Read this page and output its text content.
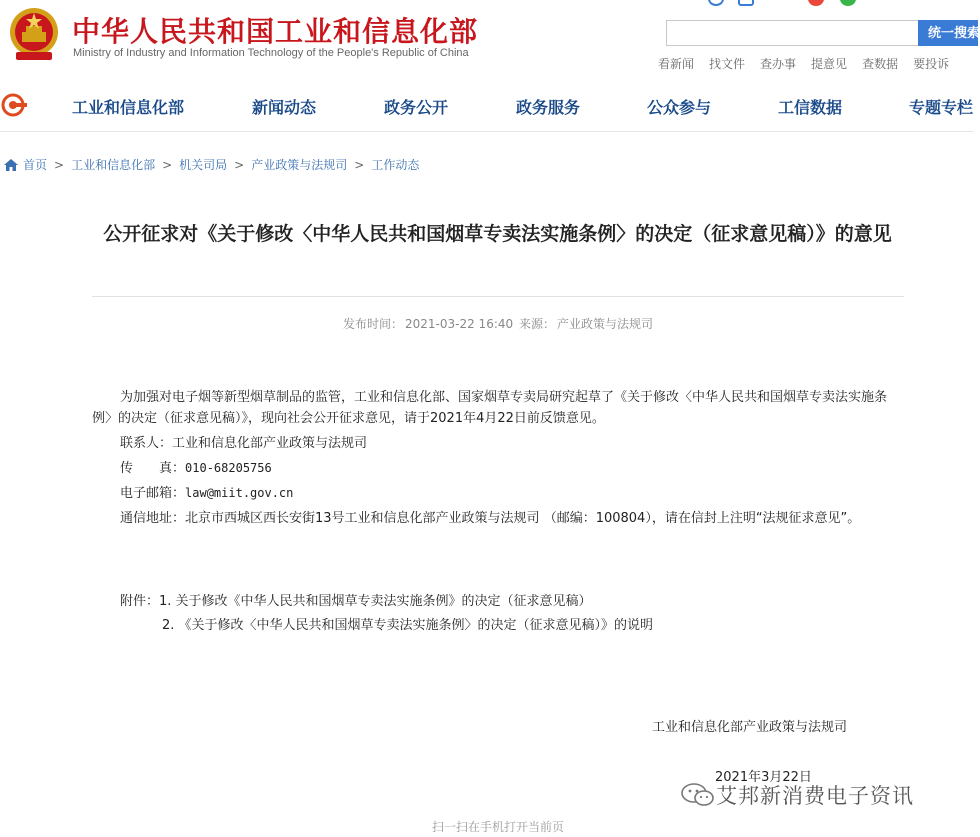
中华人民共和国工业和信息化部
Ministry of Industry and Information Technology of the People's Republic of China
统一搜索
看新闻 找文件 查办事 提意见 查数据 要投诉
工业和信息化部	新闻动态	政务公开	政务服务	公众参与	工信数据	专题专栏
首页 > 工业和信息化部 > 机关司局 > 产业政策与法规司 > 工作动态
公开征求对《关于修改〈中华人民共和国烟草专卖法实施条例〉的决定（征求意见稿）》的意见
发布时间： 2021-03-22 16:40 来源： 产业政策与法规司

为加强对电子烟等新型烟草制品的监管，工业和信息化部、国家烟草专卖局研究起草了《关于修改〈中华人民共和国烟草专卖法实施条例〉的决定（征求意见稿）》，现向社会公开征求意见，请于2021年4月22日前反馈意见。

联系人：工业和信息化部产业政策与法规司

传　　真：010-68205756

电子邮箱：law@miit.gov.cn

通信地址：北京市西城区西长安街13号工业和信息化部产业政策与法规司 （邮编：100804），请在信封上注明“法规征求意见”。

附件：1. 关于修改《中华人民共和国烟草专卖法实施条例》的决定（征求意见稿）
2. 《关于修改〈中华人民共和国烟草专卖法实施条例〉的决定（征求意见稿）》的说明
工业和信息化部产业政策与法规司
2021年3月22日
艾邦新消费电子资讯
扫一扫在手机打开当前页
